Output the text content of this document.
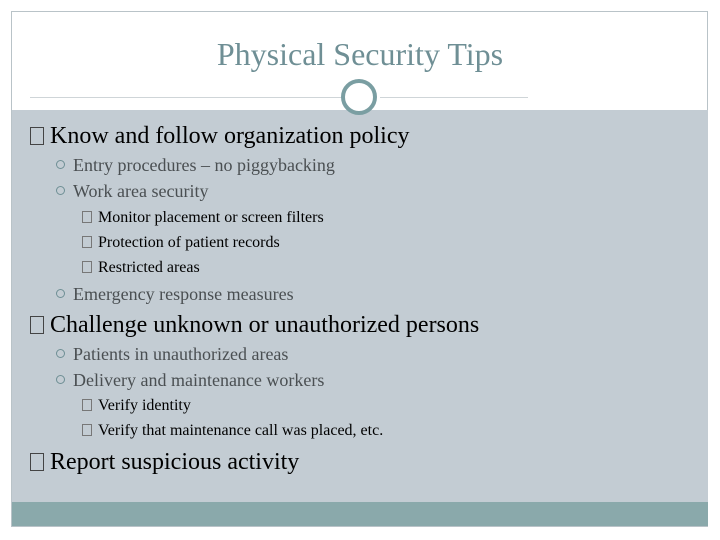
Physical Security Tips
Know and follow organization policy
Entry procedures – no piggybacking
Work area security
Monitor placement or screen filters
Protection of patient records
Restricted areas
Emergency response measures
Challenge unknown or unauthorized persons
Patients in unauthorized areas
Delivery and maintenance workers
Verify identity
Verify that maintenance call was placed, etc.
Report suspicious activity
